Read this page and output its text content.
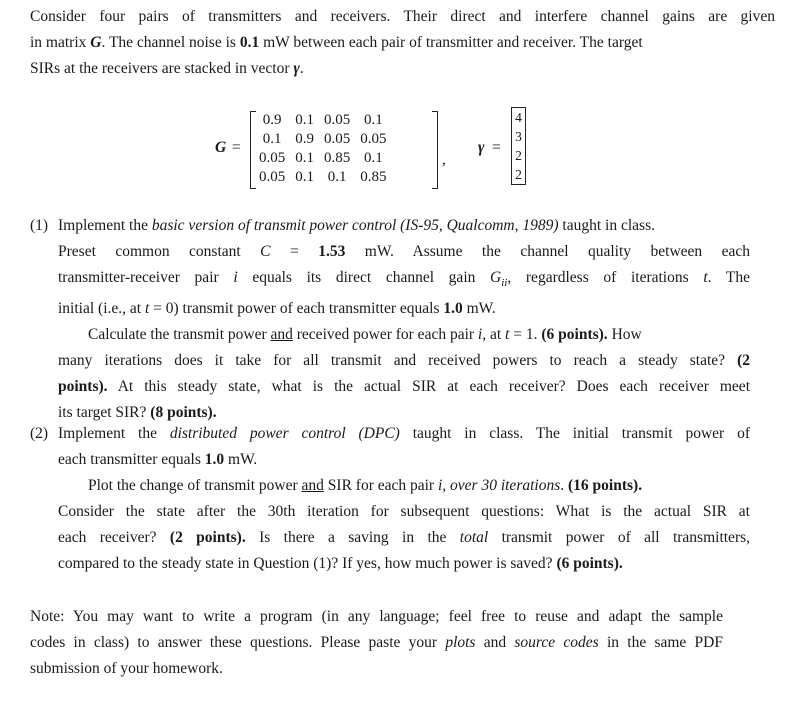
Consider four pairs of transmitters and receivers. Their direct and interfere channel gains are given
in matrix G. The channel noise is 0.1 mW between each pair of transmitter and receiver. The target
SIRs at the receivers are stacked in vector γ.
G =
0.9	0.1	0.05	0.1
0.1	0.9	0.05	0.05
0.05	0.1	0.85	0.1
0.05	0.1	0.1	0.85
,
γ =
4
3
2
2
(1) Implement the basic version of transmit power control (IS-95, Qualcomm, 1989) taught in class.
Preset common constant C = 1.53 mW. Assume the channel quality between each
transmitter-receiver pair i equals its direct channel gain $G_{ii}$, regardless of iterations t. The
initial (i.e., at t = 0) transmit power of each transmitter equals 1.0 mW.
Calculate the transmit power and received power for each pair i, at t = 1. (6 points). How
many iterations does it take for all transmit and received powers to reach a steady state? (2
points). At this steady state, what is the actual SIR at each receiver? Does each receiver meet
its target SIR? (8 points).
(2) Implement the distributed power control (DPC) taught in class. The initial transmit power of
each transmitter equals 1.0 mW.
Plot the change of transmit power and SIR for each pair i, over 30 iterations. (16 points).
Consider the state after the 30th iteration for subsequent questions: What is the actual SIR at
each receiver? (2 points). Is there a saving in the total transmit power of all transmitters,
compared to the steady state in Question (1)? If yes, how much power is saved? (6 points).
Note: You may want to write a program (in any language; feel free to reuse and adapt the sample
codes in class) to answer these questions. Please paste your plots and source codes in the same PDF
submission of your homework.
